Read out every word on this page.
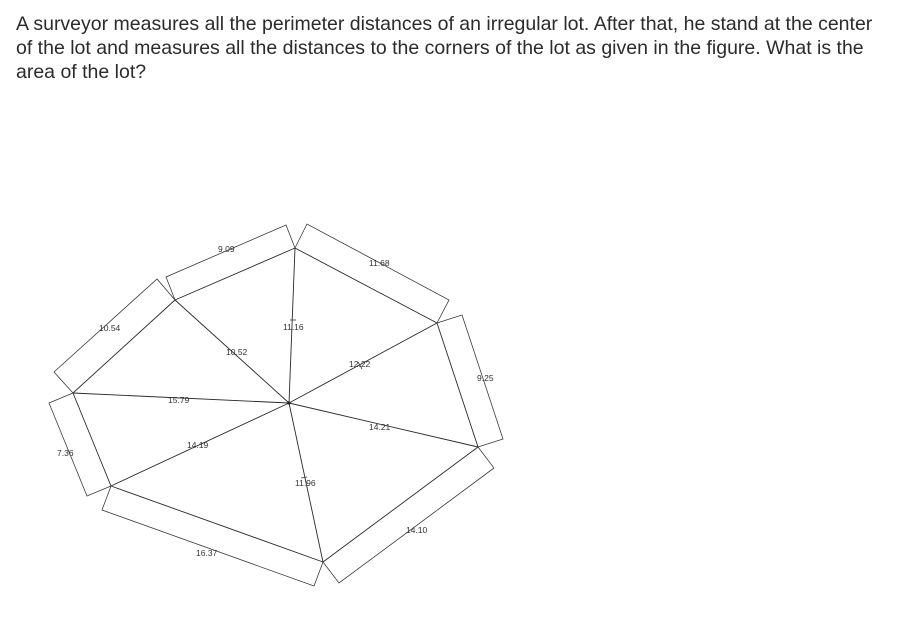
A surveyor measures all the perimeter distances of an irregular lot. After that, he stand at the center of the lot and measures all the distances to the corners of the lot as given in the figure. What is the area of the lot?

10.54
9.09
11.68
9.25
14.10
16.37
7.36
10.52
11.16
12.22
14.21
11.96
14.19
15.79
